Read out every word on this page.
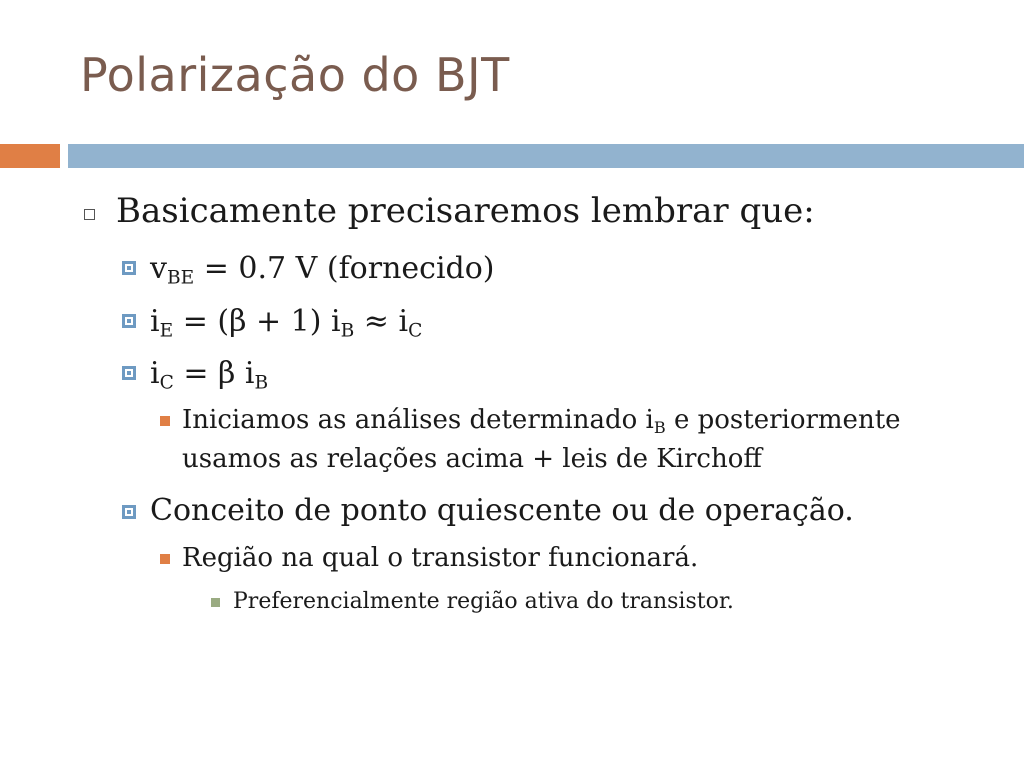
Polarização do BJT
Basicamente precisaremos lembrar que:
$v_{BE} = 0.7$ V (fornecido)
$i_E = (\beta + 1) i_B \approx i_C$
$i_C = \beta$ $i_B$
Iniciamos as análises determinado $i_B$ e posteriormente
usamos as relações acima + leis de Kirchoff
Conceito de ponto quiescente ou de operação.
Região na qual o transistor funcionará.
Preferencialmente região ativa do transistor.
